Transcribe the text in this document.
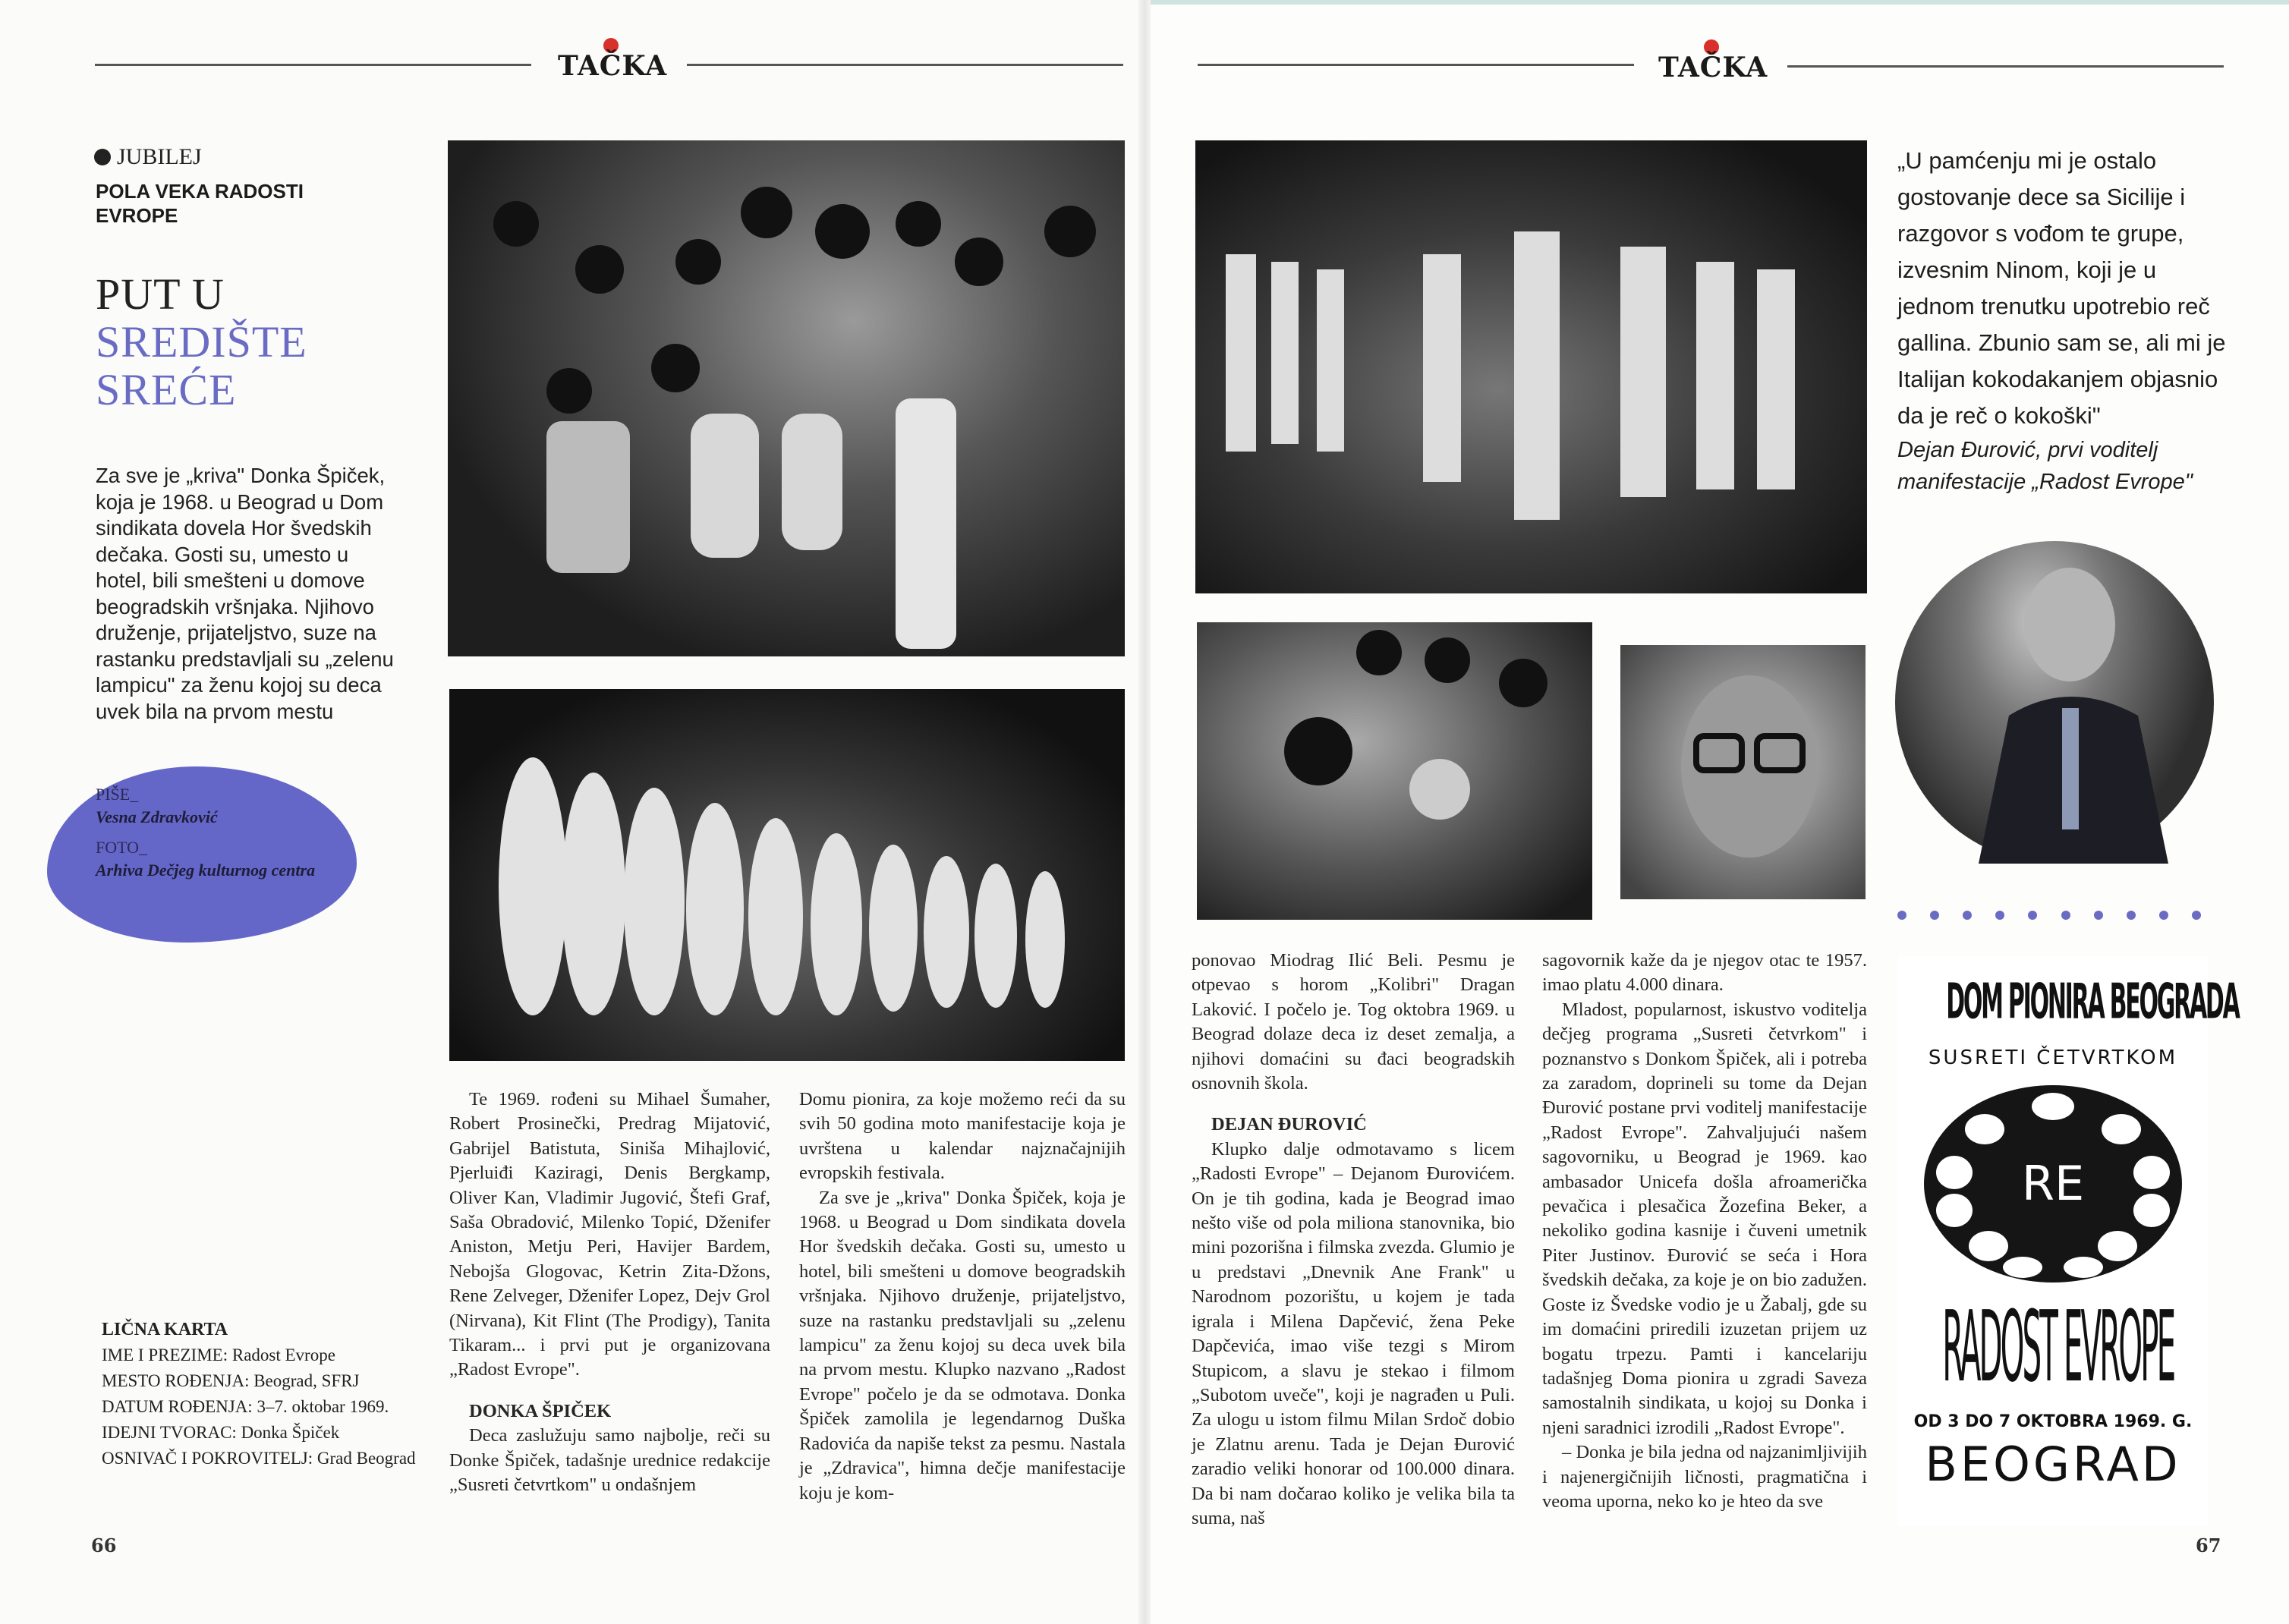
TAČKA	TAČKA
JUBILEJ
POLA VEKA RADOSTI EVROPE
PUT U
SREDIŠTE
SREĆE
Za sve je „kriva" Donka Špiček, koja je 1968. u Beograd u Dom sindikata dovela Hor švedskih dečaka. Gosti su, umesto u hotel, bili smešteni u domove beogradskih vršnjaka. Njihovo druženje, prijateljstvo, suze na rastanku predstavljali su „zelenu lampicu" za ženu kojoj su deca uvek bila na prvom mestu
PIŠE_
Vesna Zdravković
FOTO_
Arhiva Dečjeg kulturnog centra
LIČNA KARTA
IME I PREZIME: Radost Evrope
MESTO ROĐENJA: Beograd, SFRJ
DATUM ROĐENJA: 3–7. oktobar 1969.
IDEJNI TVORAC: Donka Špiček
OSNIVAČ I POKROVITELJ: Grad Beograd
66

Te 1969. rođeni su Mihael Šumaher, Robert Prosinečki, Predrag Mijatović, Gabrijel Batistuta, Siniša Mihajlović, Pjerluiđi Kaziragi, Denis Bergkamp, Oliver Kan, Vladimir Jugović, Štefi Graf, Saša Obradović, Milenko Topić, Dženifer Aniston, Metju Peri, Havijer Bardem, Nebojša Glogovac, Ketrin Zita-Džons, Rene Zelveger, Dženifer Lopez, Dejv Grol (Nirvana), Kit Flint (The Prodigy), Tanita Tikaram... i prvi put je organizovana „Radost Evrope".

DONKA ŠPIČEK

Deca zaslužuju samo najbolje, reči su Donke Špiček, tadašnje urednice redakcije „Susreti četvrtkom" u ondašnjem

Domu pionira, za koje možemo reći da su svih 50 godina moto manifestacije koja je uvrštena u kalendar najznačajnijih evropskih festivala.

Za sve je „kriva" Donka Špiček, koja je 1968. u Beograd u Dom sindikata dovela Hor švedskih dečaka. Gosti su, umesto u hotel, bili smešteni u domove beogradskih vršnjaka. Njihovo druženje, prijateljstvo, suze na rastanku predstavljali su „zelenu lampicu" za ženu kojoj su deca uvek bila na prvom mestu. Klupko nazvano „Radost Evrope" počelo je da se odmotava. Donka Špiček zamolila je legendarnog Duška Radovića da napiše tekst za pesmu. Nastala je „Zdravica", himna dečje manifestacije koju je kom-

„U pamćenju mi je ostalo gostovanje dece sa Sicilije i razgovor s vođom te grupe, izvesnim Ninom, koji je u jednom trenutku upotrebio reč gallina. Zbunio sam se, ali mi je Italijan kokodakanjem objasnio da je reč o kokoški"
Dejan Đurović, prvi voditelj manifestacije „Radost Evrope"
DOM PIONIRA BEOGRADA
SUSRETI ČETVRTKOM
RE
RADOST EVROPE
OD 3 DO 7 OKTOBRA 1969. G.
BEOGRAD

ponovao Miodrag Ilić Beli. Pesmu je otpevao s horom „Kolibri" Dragan Laković. I počelo je. Tog oktobra 1969. u Beograd dolaze deca iz deset zemalja, a njihovi domaćini su đaci beogradskih osnovnih škola.

DEJAN ĐUROVIĆ

Klupko dalje odmotavamo s licem „Radosti Evrope" – Dejanom Đurovićem. On je tih godina, kada je Beograd imao nešto više od pola miliona stanovnika, bio mini pozorišna i filmska zvezda. Glumio je u predstavi „Dnevnik Ane Frank" u Narodnom pozorištu, u kojem je tada igrala i Milena Dapčević, žena Peke Dapčevića, imao više tezgi s Mirom Stupicom, a slavu je stekao i filmom „Subotom uveče", koji je nagrađen u Puli. Za ulogu u istom filmu Milan Srdoč dobio je Zlatnu arenu. Tada je Dejan Đurović zaradio veliki honorar od 100.000 dinara. Da bi nam dočarao koliko je velika bila ta suma, naš

sagovornik kaže da je njegov otac te 1957. imao platu 4.000 dinara.

Mladost, popularnost, iskustvo voditelja dečjeg programa „Susreti četvrkom" i poznanstvo s Donkom Špiček, ali i potreba za zaradom, doprineli su tome da Dejan Đurović postane prvi voditelj manifestacije „Radost Evrope". Zahvaljujući našem sagovorniku, u Beograd je 1969. kao ambasador Unicefa došla afroamerička pevačica i plesačica Žozefina Beker, a nekoliko godina kasnije i čuveni umetnik Piter Justinov. Đurović se seća i Hora švedskih dečaka, za koje je on bio zadužen. Goste iz Švedske vodio je u Žabalj, gde su im domaćini priredili izuzetan prijem uz bogatu trpezu. Pamti i kancelariju tadašnjeg Doma pionira u zgradi Saveza samostalnih sindikata, u kojoj su Donka i njeni saradnici izrodili „Radost Evrope".

– Donka je bila jedna od najzanimljivijih i najenergičnijih ličnosti, pragmatična i veoma uporna, neko ko je hteo da sve

67
